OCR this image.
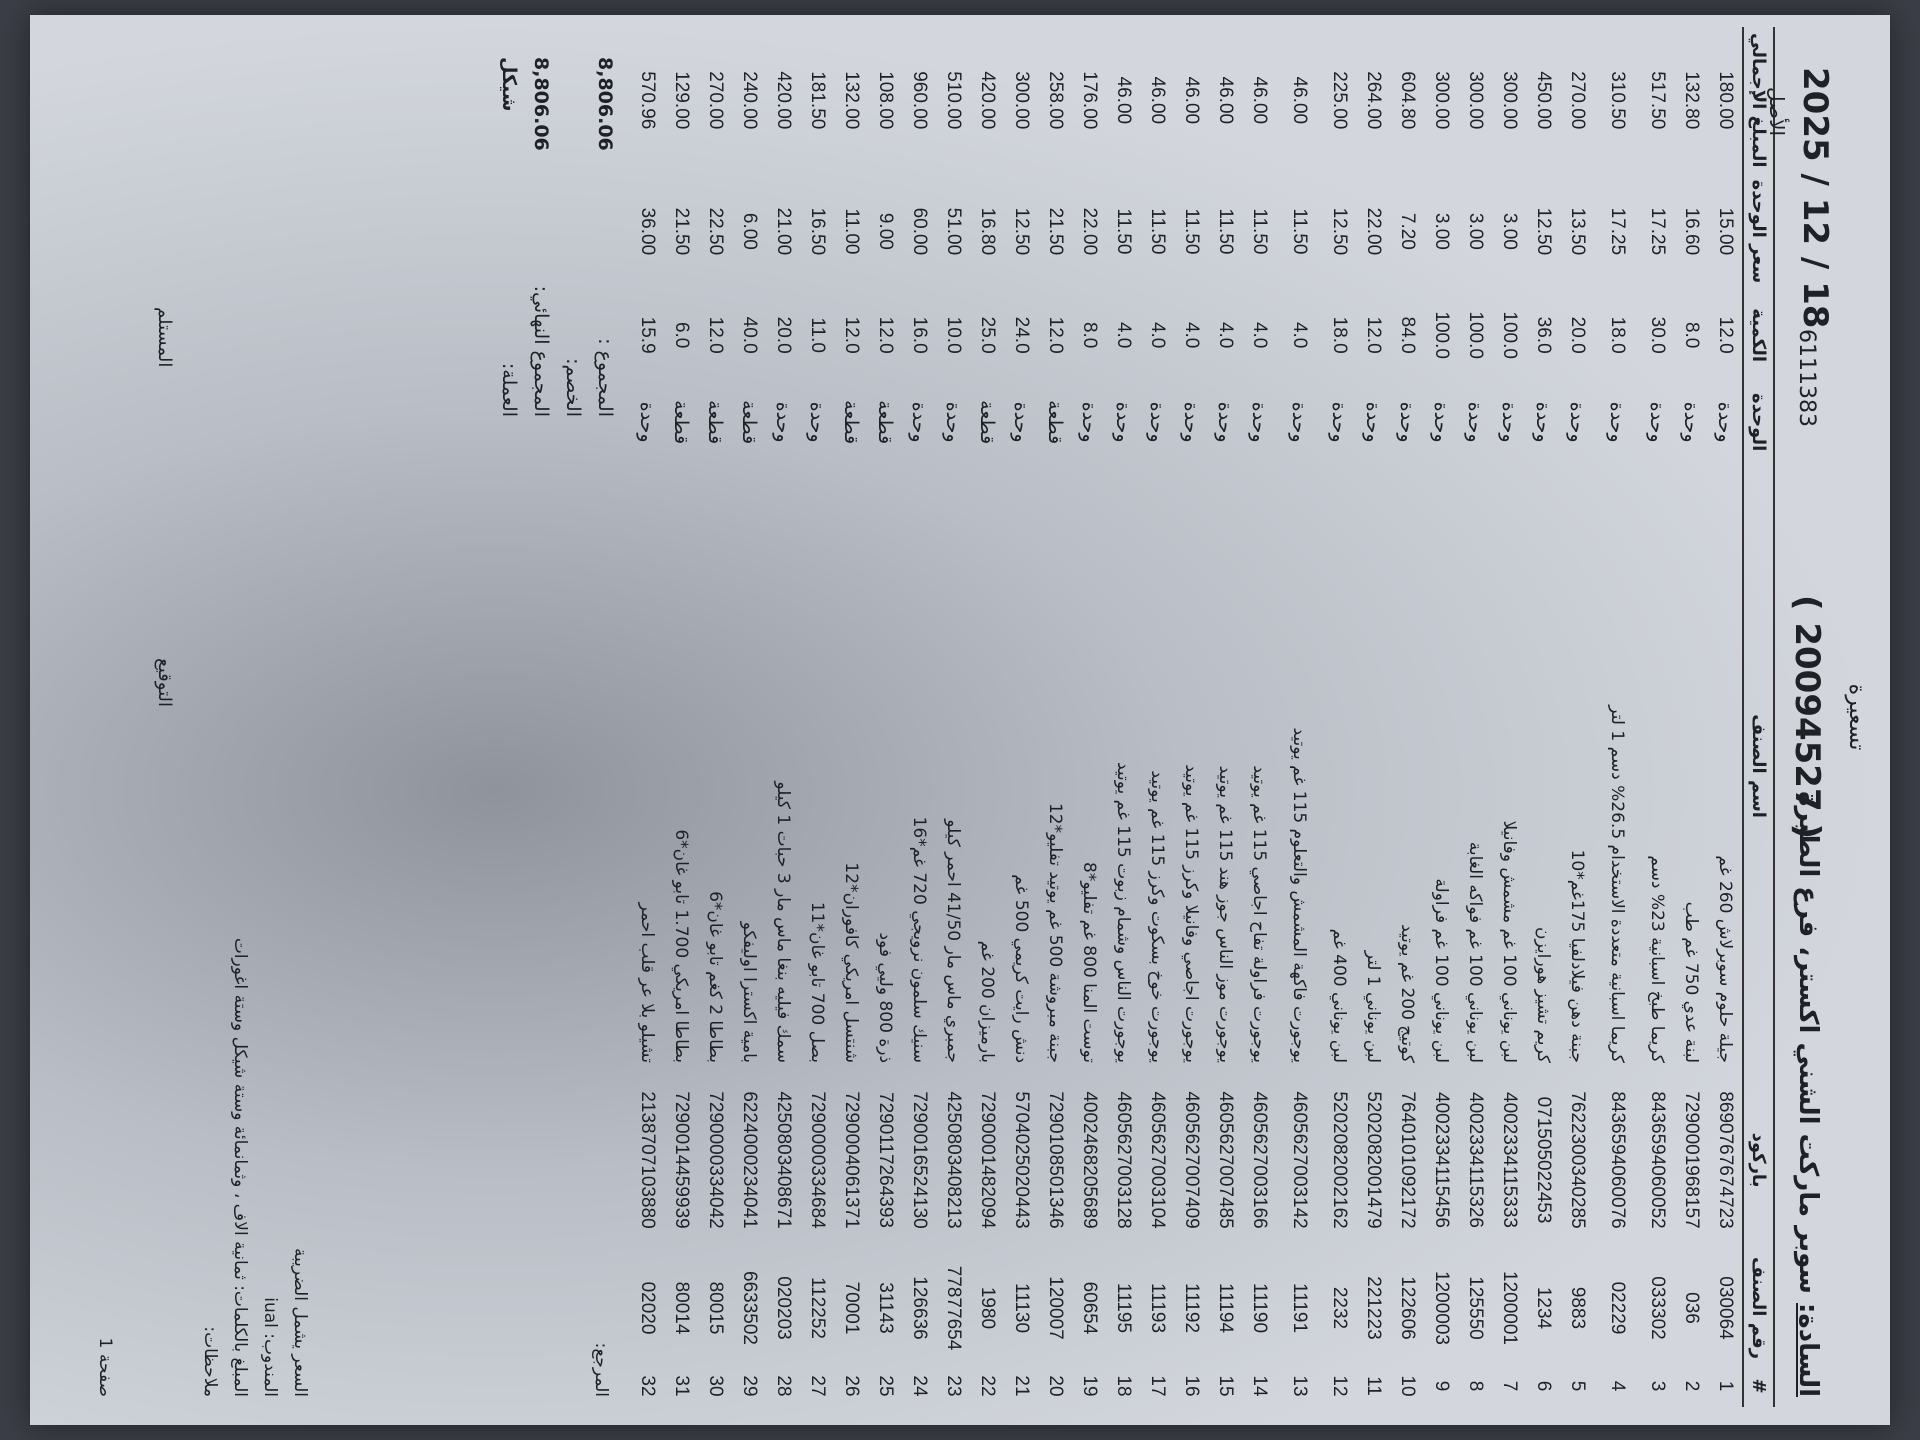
تسعيرة
السادة: سوبر ماركت الشني اكستر، فرع الطيرة
6111383
( 20094527 )
2025 / 12 / 18
الأصل
#	رقم الصنف	باركود	اسم الصنف	الوحدة	الكمية	سعر الوحدة	المبلغ الإجمالي
1	030064	8690767674723	جيلة حلوم سوبرلاش 260 غم	وحدة	12.0	15.00	180.00
2	036	7290001968157	لبنة عدي 750 غم طب	وحدة	8.0	16.60	132.80
3	033302	8436594060052	كريما طبخ اسبانية 23% دسم	وحدة	30.0	17.25	517.50
4	02229	8436594060076	كريما اسبانية متعددة الاستخدام 26.5% دسم 1 لتر	وحدة	18.0	17.25	310.50
5	9883	7622300340285	جبنة دهن فيلادلفيا 175غم*10	وحدة	20.0	13.50	270.00
6	1234	071505022453	كريم تشيز هورايزن	وحدة	36.0	12.50	450.00
7	1200001	4002334115333	لبن يوناني 100 غم مشمش وفانيلا	وحدة	100.0	3.00	300.00
8	125550	4002334115326	لبن يوناني 100 غم فواكه الغابة	وحدة	100.0	3.00	300.00
9	1200003	4002334115456	لبن يوناني 100 غم فراولة	وحدة	100.0	3.00	300.00
10	122606	7640101092172	كوتيج 200 غم يوتيد	وحدة	84.0	7.20	604.80
11	221223	5202082001479	لبن يوناني 1 لتر	وحدة	12.0	22.00	264.00
12	2232	5202082002162	لبن يوناني 400 غم	وحدة	18.0	12.50	225.00
13	11191	4605627003142	يوجورت فاكهة المشمش والتعلوم 115 غم يوتيد	وحدة	4.0	11.50	46.00
14	11190	4605627003166	يوجورت فراولة تفاح اجاصي 115 غم يوتيد	وحدة	4.0	11.50	46.00
15	11194	4605627007485	يوجورت موز الناس جوز هند 115 غم يوتيد	وحدة	4.0	11.50	46.00
16	11192	4605627007409	يوجورت اجاصي وفانيلا وكرز 115 غم يوتيد	وحدة	4.0	11.50	46.00
17	11193	4605627003104	يوجورت خوخ بسكوت وكرز 115 غم يوتيد	وحدة	4.0	11.50	46.00
18	11195	4605627003128	يوجورت الناس وشمام زبوت 115 غم يوتيد	وحدة	4.0	11.50	46.00
19	60654	4002468205689	توست المنا 800 غم تفليو*8	وحدة	8.0	22.00	176.00
20	120007	7290108501346	جبنة مبروشة 500 غم يوتيد تفليو*12	قطعة	12.0	21.50	258.00
21	11130	5704025020443	دنش رايت كريمي 500 غم	وحدة	24.0	12.50	300.00
22	1980	7290001482094	بارميزان 200 غم	قطعة	25.0	16.80	420.00
23	77877654	4250803408213	جمبري ماس مار 41/50 احمر كيلو	وحدة	10.0	51.00	510.00
24	126636	7290016524130	سنيك سلمون نرويجي 720 غم*16	وحدة	16.0	60.00	960.00
25	31143	7290117264393	ذرة 800 وليي فود	قطعة	12.0	9.00	108.00
26	70001	7290004061371	شنتسل امريكي كافوران*12	قطعة	12.0	11.00	132.00
27	112252	7290000334684	بصل 700 تابو غان*11	وحدة	11.0	16.50	181.50
28	020203	4250803408671	سمك فيليه بنغا ماس مار 3 حبات 1 كيلو	وحدة	20.0	21.00	420.00
29	6633502	6224000234041	بامية اكسترا اوليفكو	قطعة	40.0	6.00	240.00
30	80015	7290000334042	بطاطا 2 كغم تابو غان*6	قطعة	12.0	22.50	270.00
31	80014	7290014459939	بطاطا امريكي 1.700 تابو غان*6	قطعة	6.0	21.50	129.00
32	02020	2138707103880	تشيلو بلا عر قلب احمر	وحدة	15.9	36.00	570.96
المرجع:
المجموع :
8,806.06
الخصم:
المجموع النهائي:
8,806.06
العملة:
شيكل
السعر يشمل الضريبة
المندوب: iual
المبلغ بالكلمات: ثمانية الاف ، وثمانمائة وستة شيكل وستة اغورات
ملاحظات:
التوقيع
المستلم
صفحة 1
